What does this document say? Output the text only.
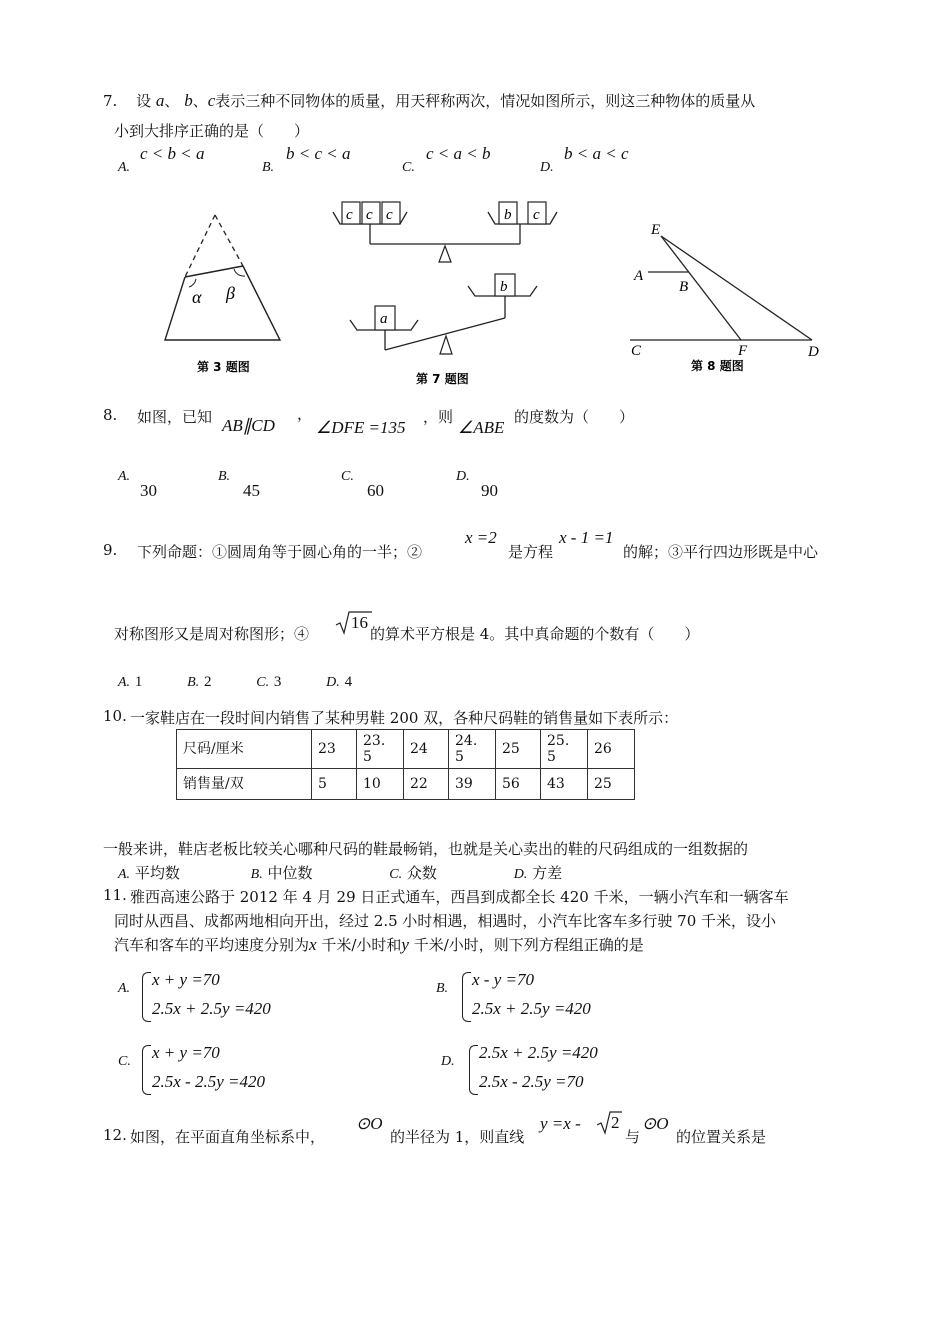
7. 设 a、 b、c表示三种不同物体的质量，用天秤称两次，情况如图所示，则这三种物体的质量从
小到大排序正确的是（　　）
A.
c < b < a
B.
b < c < a
C.
c < a < b
D.
b < a < c
α β
第 3 题图
c c c	b c
a
b
第 7 题图
E
A
B
C	F	D
第 8 题图
8. 如图，已知 AB∥CD
，
∠DFE =135
，则
∠ABE
的度数为（　　）
A.
30
B.
45
C.
60
D.
90
9. 下列命题：①圆周角等于圆心角的一半；②
x =2
是方程
x - 1 =1
的解；③平行四边形既是中心
对称图形又是周对称图形；④
16
的算术平方根是 4。其中真命题的个数有（　　）
A. 1	B. 2	C. 3	D. 4
10. 一家鞋店在一段时间内销售了某种男鞋 200 双，各种尺码鞋的销售量如下表所示：
尺码/厘米	23	23.
5	24	24.
5	25	25.
5	26
销售量/双	5	10	22	39	56	43	25
一般来讲，鞋店老板比较关心哪种尺码的鞋最畅销，也就是关心卖出的鞋的尺码组成的一组数据的
A. 平均数	B. 中位数	C. 众数	D. 方差
11. 雅西高速公路于 2012 年 4 月 29 日正式通车，西昌到成都全长 420 千米，一辆小汽车和一辆客车
同时从西昌、成都两地相向开出，经过 2.5 小时相遇，相遇时，小汽车比客车多行驶 70 千米，设小
汽车和客车的平均速度分别为x 千米/小时和y 千米/小时，则下列方程组正确的是
A. x + y =70
2.5x + 2.5y =420
B. x - y =70
2.5x + 2.5y =420
C. x + y =70
2.5x - 2.5y =420
D. 2.5x + 2.5y =420
2.5x - 2.5y =70
12. 如图，在平面直角坐标系中，
⊙O
的半径为 1，则直线
y =x - 2
与
⊙O
的位置关系是
